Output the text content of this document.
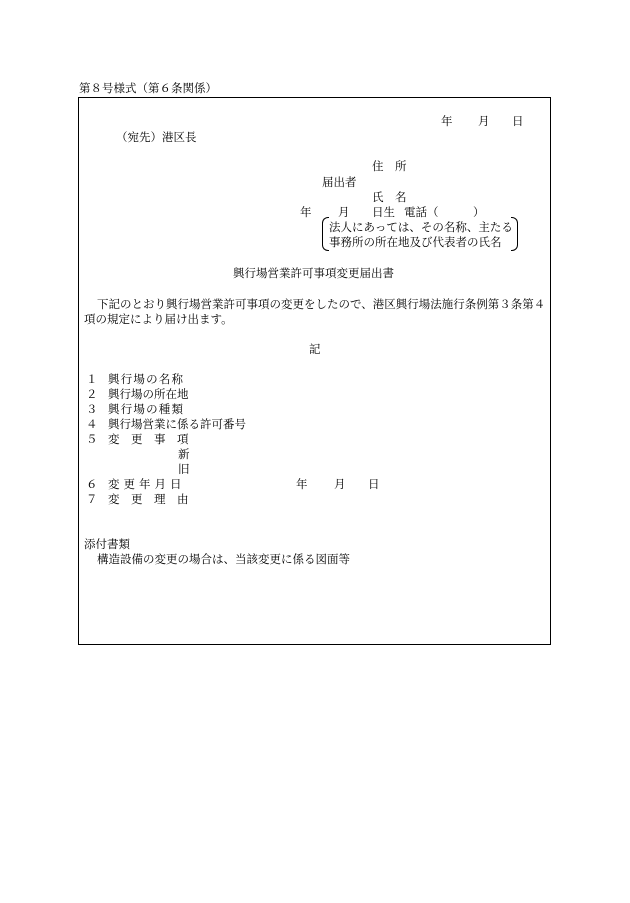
第８号様式（第６条関係）
年 月 日
（宛先）港区長
住　所
届出者
氏　名
年 月 日生 電話（　　　）
法人にあっては、その名称、主たる
事務所の所在地及び代表者の氏名
興行場営業許可事項変更届出書
下記のとおり興行場営業許可事項の変更をしたので、港区興行場法施行条例第３条第４
項の規定により届け出ます。
記
１ 興行場の名称
２ 興行場の所在地
３ 興行場の種類
４ 興行場営業に係る許可番号
５ 変　更　事　項
新
旧
６ 変更年月日	年 月 日
７ 変　更　理　由
添付書類
構造設備の変更の場合は、当該変更に係る図面等
